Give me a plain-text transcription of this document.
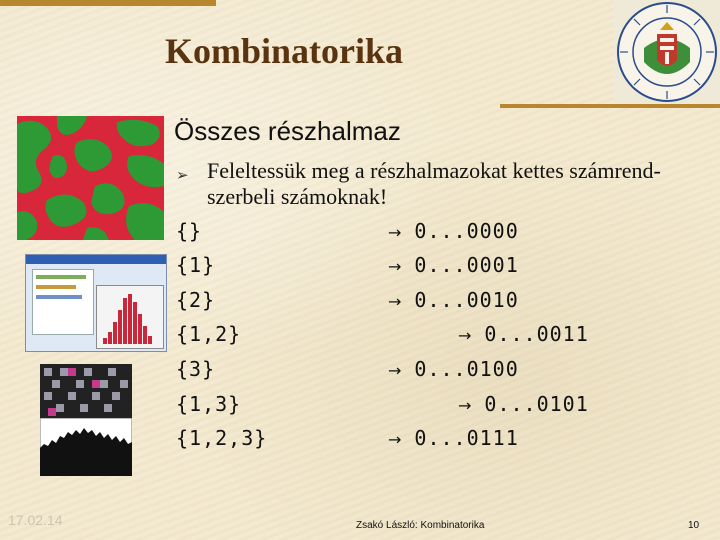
Kombinatorika
Összes részhalmaz
➢ Feleltessük meg a részhalmazokat kettes számrend-szerbeli számoknak!
{}	→ 0...0000
{1}	→ 0...0001
{2}	→ 0...0010
{1,2}	→ 0...0011
{3}	→ 0...0100
{1,3}	→ 0...0101
{1,2,3}	→ 0...0111
17.02.14	Zsakó László: Kombinatorika	10
